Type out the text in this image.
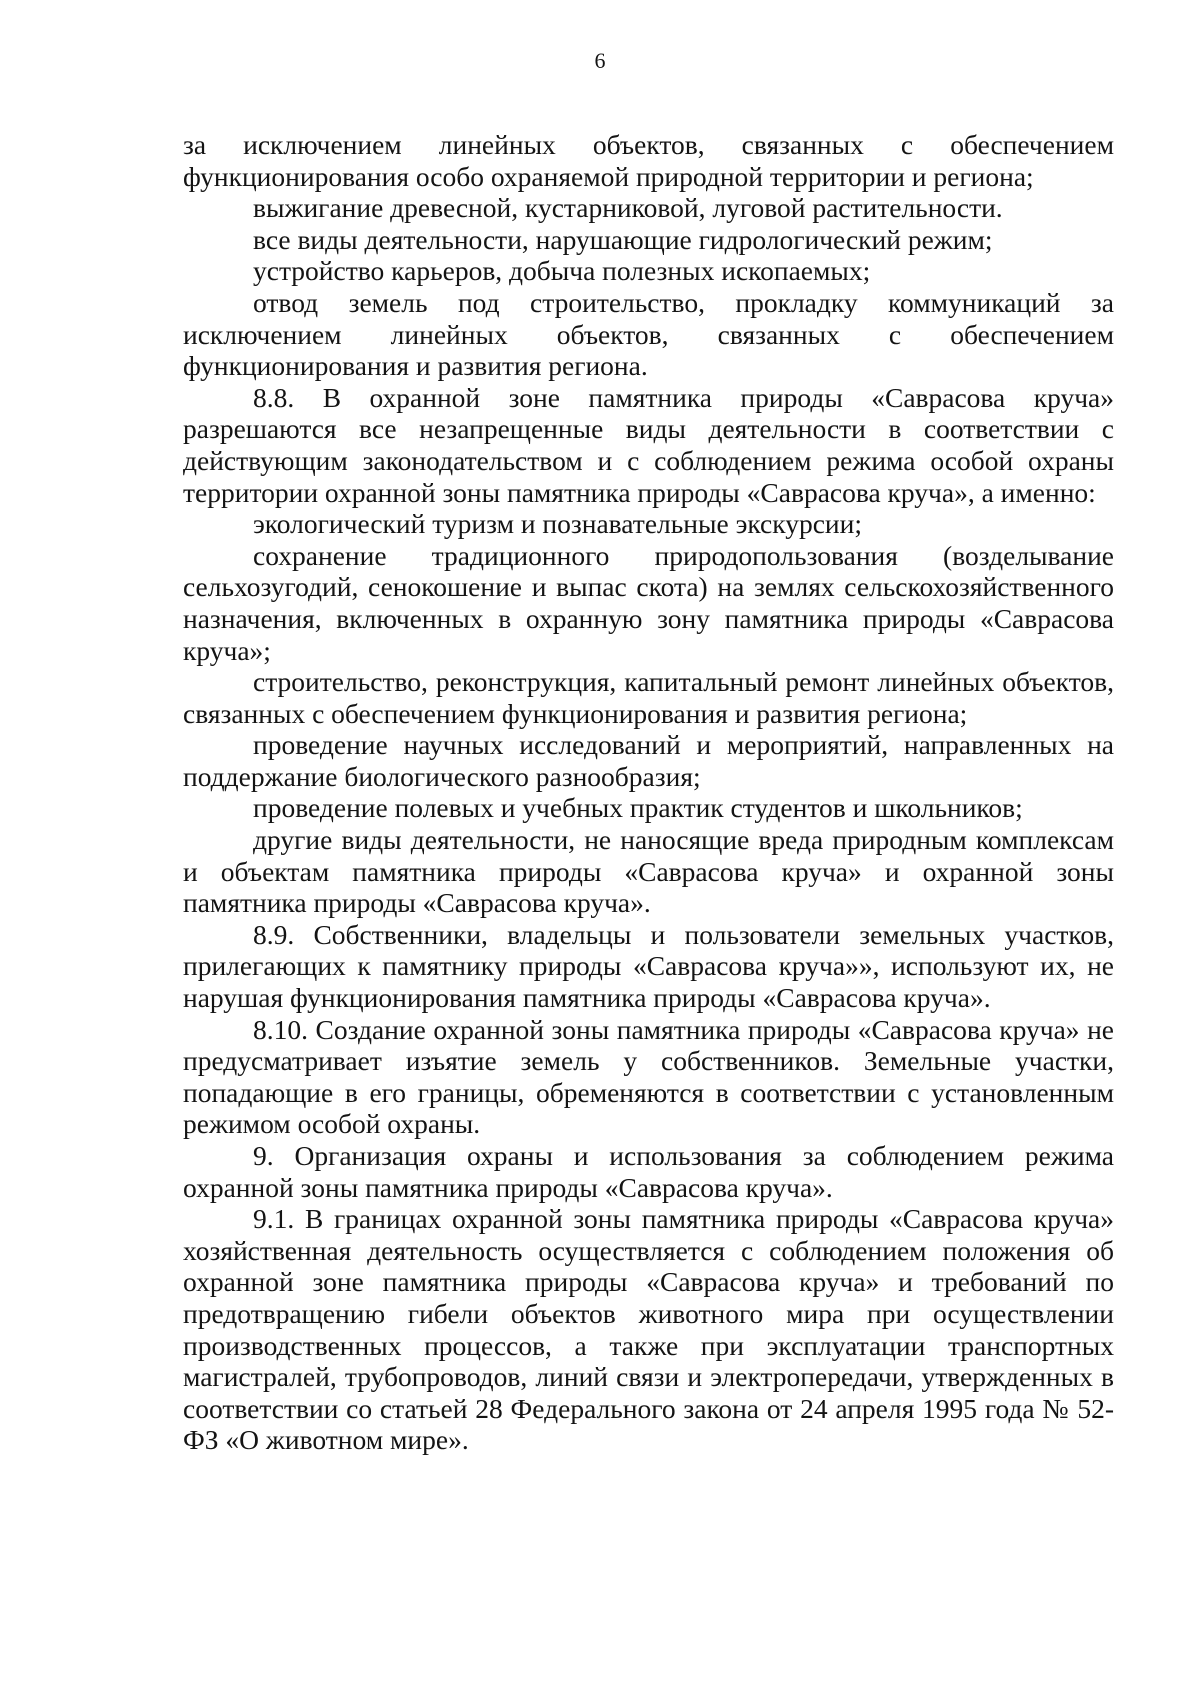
6

за исключением линейных объектов, связанных с обеспечением функционирования особо охраняемой природной территории и региона;

выжигание древесной, кустарниковой, луговой растительности.

все виды деятельности, нарушающие гидрологический режим;

устройство карьеров, добыча полезных ископаемых;

отвод земель под строительство, прокладку коммуникаций за исключением линейных объектов, связанных с обеспечением функционирования и развития региона.

8.8. В охранной зоне памятника природы «Саврасова круча» разрешаются все незапрещенные виды деятельности в соответствии с действующим законодательством и с соблюдением режима особой охраны территории охранной зоны памятника природы «Саврасова круча», а именно:

экологический туризм и познавательные экскурсии;

сохранение традиционного природопользования (возделывание сельхозугодий, сенокошение и выпас скота) на землях сельскохозяйственного назначения, включенных в охранную зону памятника природы «Саврасова круча»;

строительство, реконструкция, капитальный ремонт линейных объектов, связанных с обеспечением функционирования и развития региона;

проведение научных исследований и мероприятий, направленных на поддержание биологического разнообразия;

проведение полевых и учебных практик студентов и школьников;

другие виды деятельности, не наносящие вреда природным комплексам и объектам памятника природы «Саврасова круча» и охранной зоны памятника природы «Саврасова круча».

8.9. Собственники, владельцы и пользователи земельных участков, прилегающих к памятнику природы «Саврасова круча»», используют их, не нарушая функционирования памятника природы «Саврасова круча».

8.10. Создание охранной зоны памятника природы «Саврасова круча» не предусматривает изъятие земель у собственников. Земельные участки, попадающие в его границы, обременяются в соответствии с установленным режимом особой охраны.

9. Организация охраны и использования за соблюдением режима охранной зоны памятника природы «Саврасова круча».

9.1. В границах охранной зоны памятника природы «Саврасова круча» хозяйственная деятельность осуществляется с соблюдением положения об охранной зоне памятника природы «Саврасова круча» и требований по предотвращению гибели объектов животного мира при осуществлении производственных процессов, а также при эксплуатации транспортных магистралей, трубопроводов, линий связи и электропередачи, утвержденных в соответствии со статьей 28 Федерального закона от 24 апреля 1995 года № 52-ФЗ «О животном мире».
